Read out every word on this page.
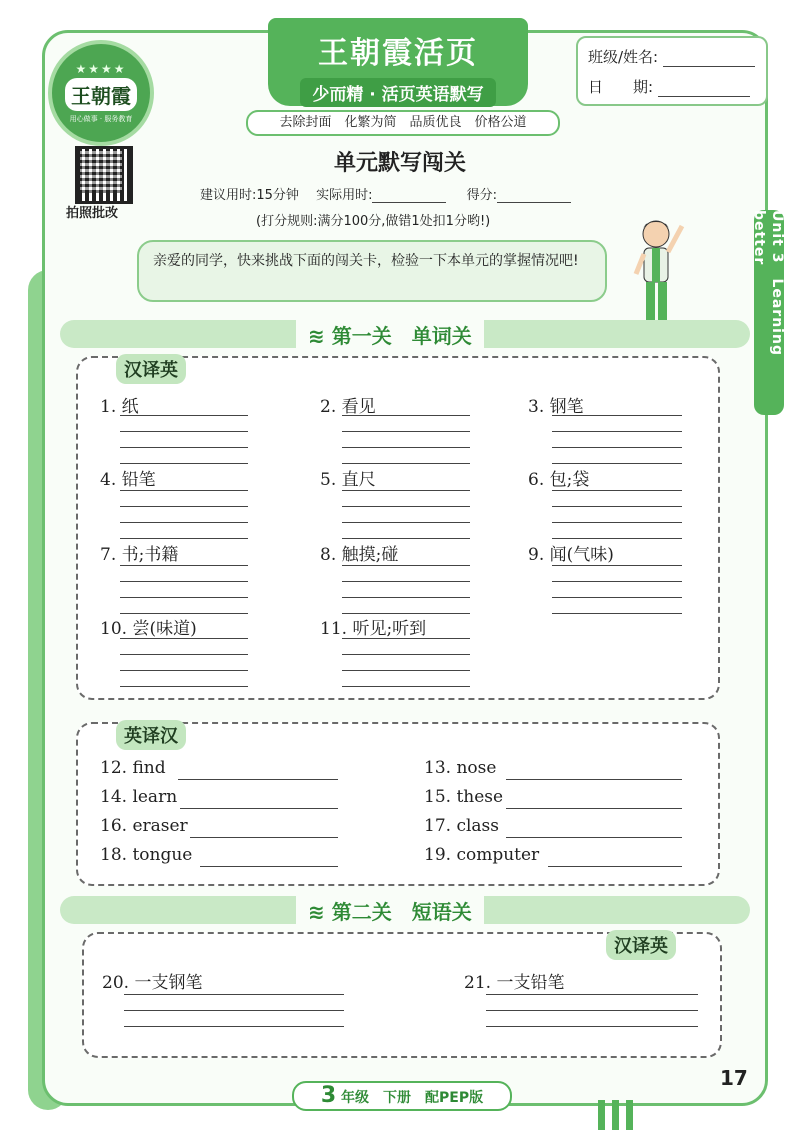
★★★★
王朝霞
用心做事 · 服务教育
王朝霞活页
少而精 · 活页英语默写
去除封面　化繁为简　品质优良　价格公道
班级/姓名:
日　　期:
拍照批改
单元默写闯关
建议用时:15分钟　 实际用时:	得分:
(打分规则:满分100分,做错1处扣1分哟!)
亲爱的同学，快来挑战下面的闯关卡，检验一下本单元的掌握情况吧!	Unit 3　Learning better
≋ 第一关　单词关
汉译英
1. 纸	2. 看见	3. 钢笔
4. 铅笔	5. 直尺	6. 包;袋
7. 书;书籍	8. 触摸;碰	9. 闻(气味)
10. 尝(味道)	11. 听见;听到
英译汉
12. find	13. nose
14. learn	15. these
16. eraser	17. class
18. tongue	19. computer
≋ 第二关　短语关
汉译英
20. 一支钢笔	21. 一支铅笔
3 年级　下册　配PEP版
17
